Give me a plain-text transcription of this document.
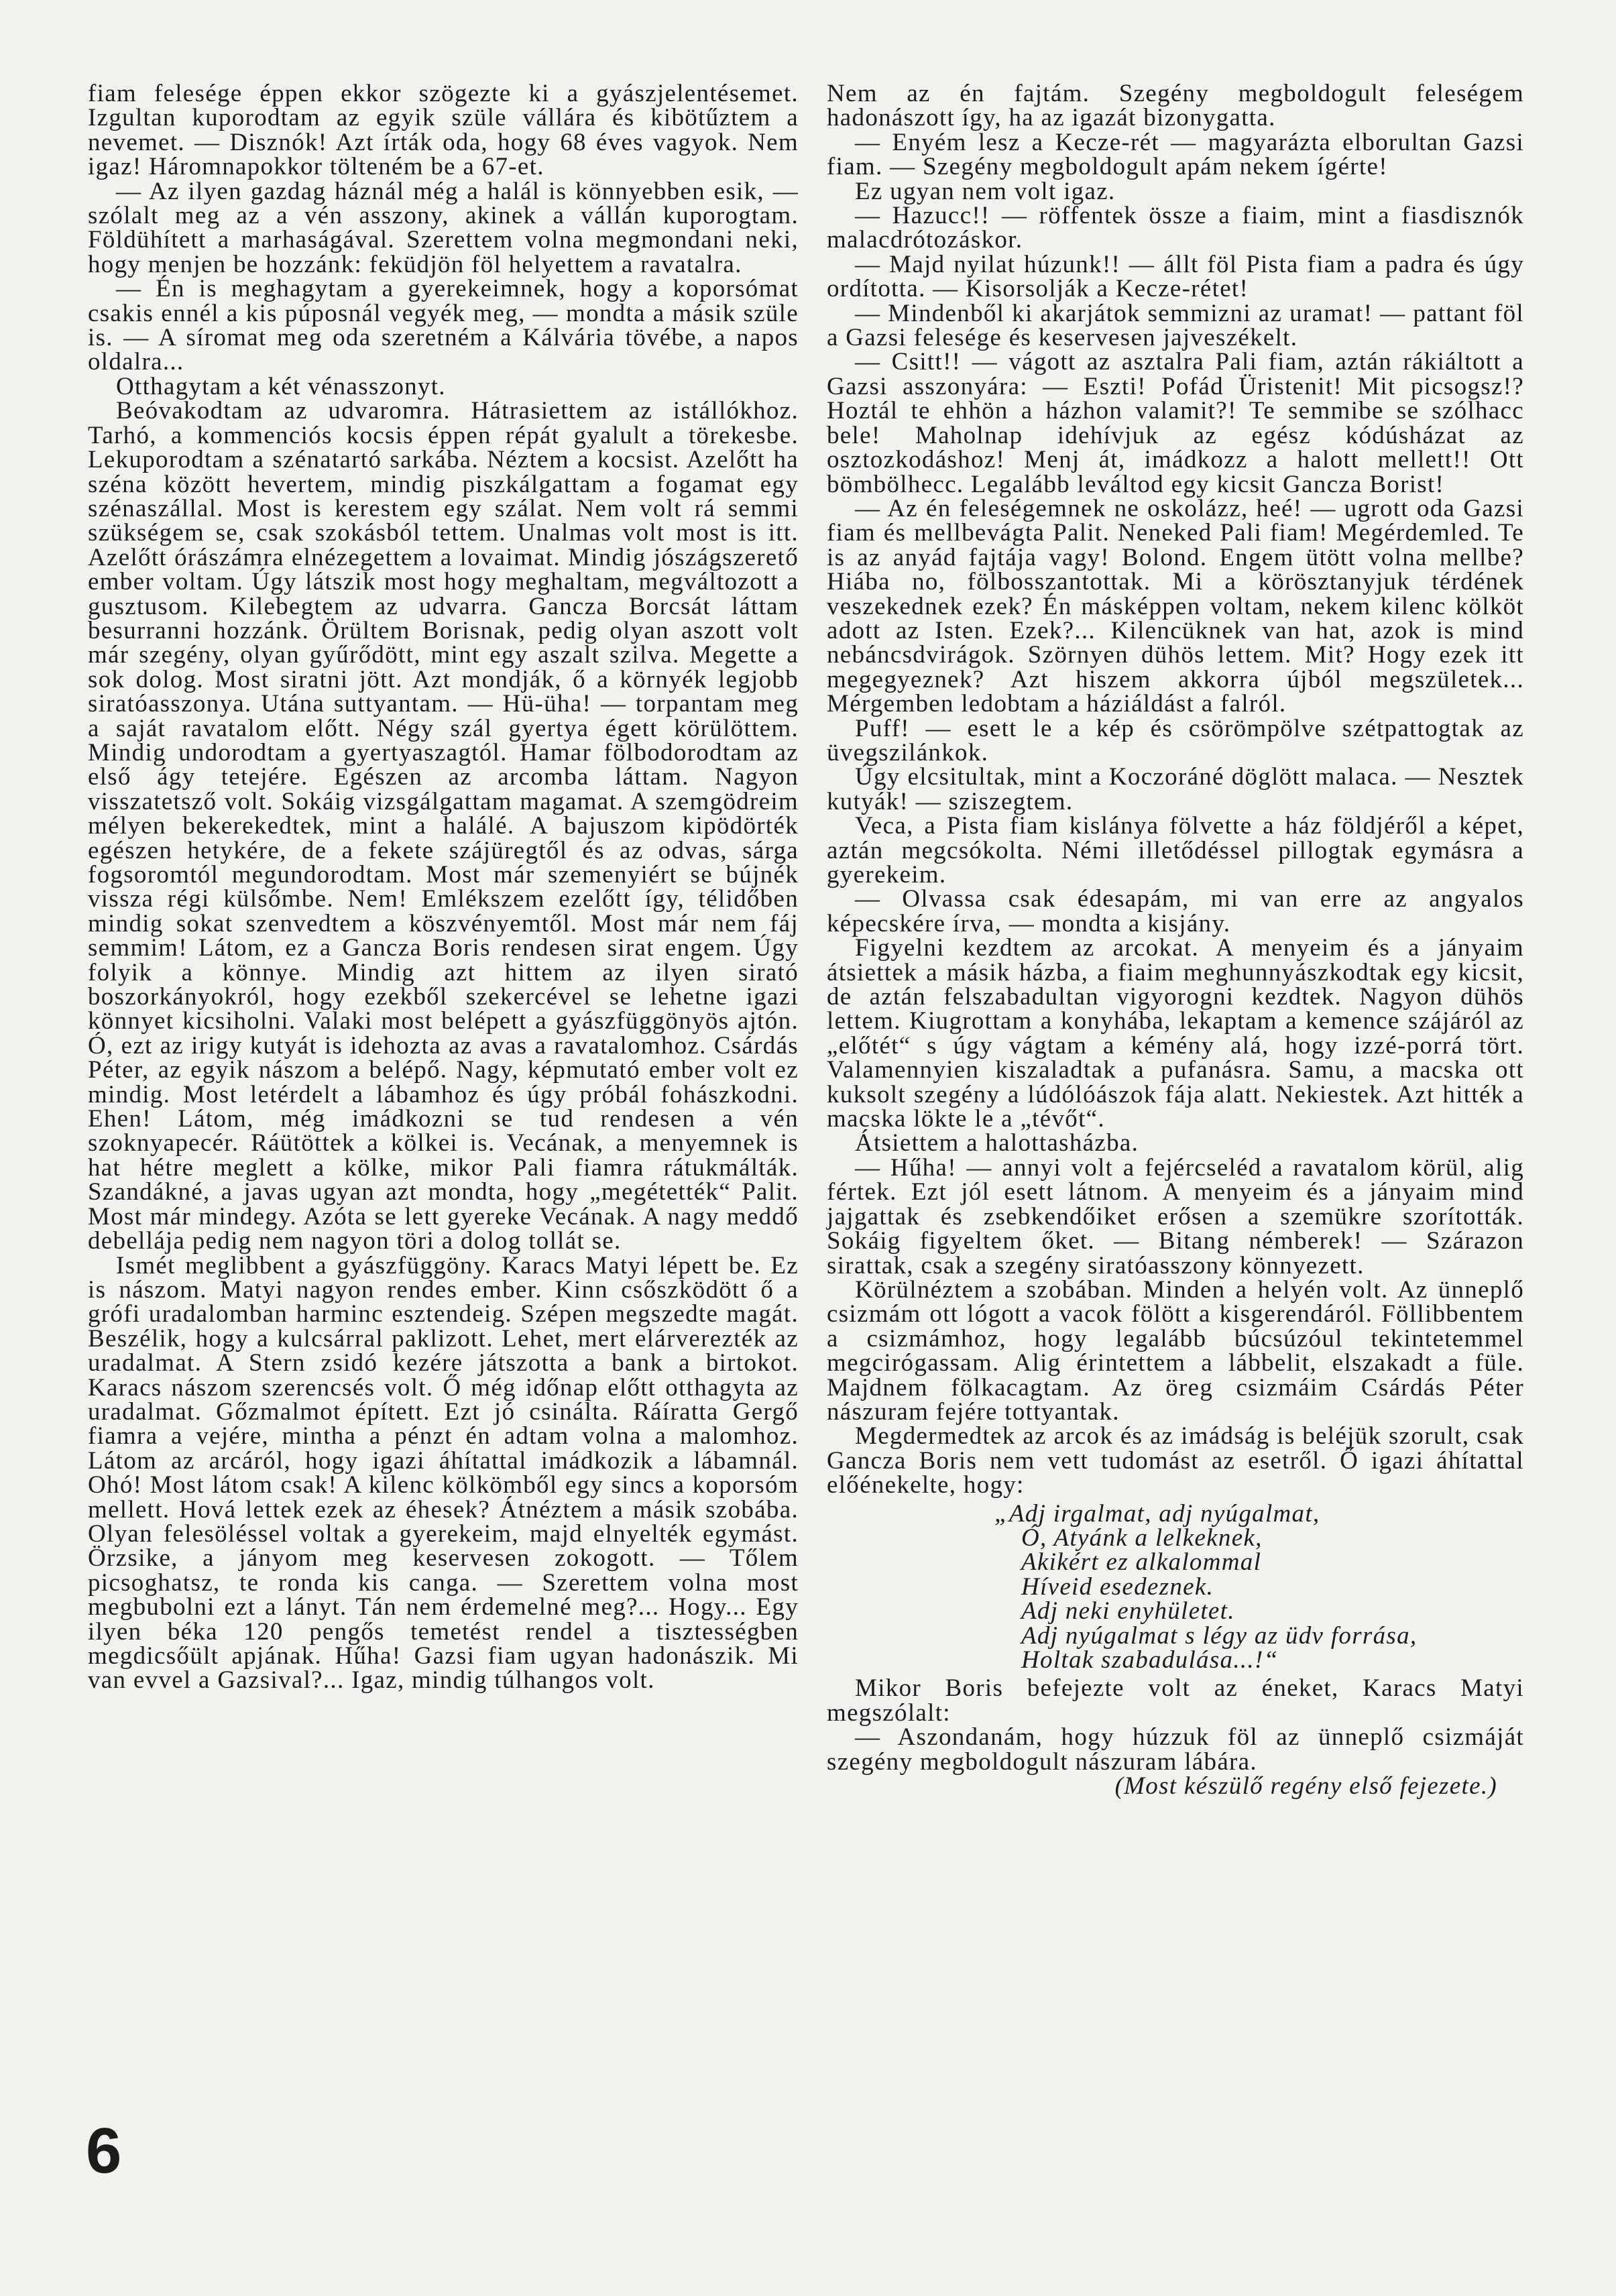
fiam felesége éppen ekkor szögezte ki a gyászjelentésemet. Izgultan kuporodtam az egyik szüle vállára és kibötűztem a nevemet. — Disznók! Azt írták oda, hogy 68 éves vagyok. Nem igaz! Háromnapokkor tölteném be a 67-et.

— Az ilyen gazdag háznál még a halál is könnyebben esik, — szólalt meg az a vén asszony, akinek a vállán kuporogtam. Földühített a marhaságával. Szerettem volna megmondani neki, hogy menjen be hozzánk: feküdjön föl helyettem a ravatalra.

— Én is meghagytam a gyerekeimnek, hogy a koporsómat csakis ennél a kis púposnál vegyék meg, — mondta a másik szüle is. — A síromat meg oda szeretném a Kálvária tövébe, a napos oldalra...

Otthagytam a két vénasszonyt.

Beóvakodtam az udvaromra. Hátrasiettem az istállókhoz. Tarhó, a kommenciós kocsis éppen répát gyalult a törekesbe. Lekuporodtam a szénatartó sarkába. Néztem a kocsist. Azelőtt ha széna között hevertem, mindig piszkálgattam a fogamat egy szénaszállal. Most is kerestem egy szálat. Nem volt rá semmi szükségem se, csak szokásból tettem. Unalmas volt most is itt. Azelőtt órászámra elnézegettem a lovaimat. Mindig jószágszerető ember voltam. Úgy látszik most hogy meghaltam, megváltozott a gusztusom. Kilebegtem az udvarra. Gancza Borcsát láttam besurranni hozzánk. Örültem Borisnak, pedig olyan aszott volt már szegény, olyan gyűrődött, mint egy aszalt szilva. Megette a sok dolog. Most siratni jött. Azt mondják, ő a környék legjobb siratóasszonya. Utána suttyantam. — Hü-üha! — torpantam meg a saját ravatalom előtt. Négy szál gyertya égett körülöttem. Mindig undorodtam a gyertyaszagtól. Hamar fölbodorodtam az első ágy tetejére. Egészen az arcomba láttam. Nagyon visszatetsző volt. Sokáig vizsgálgattam magamat. A szemgödreim mélyen bekerekedtek, mint a halálé. A bajuszom kipödörték egészen hetykére, de a fekete szájüregtől és az odvas, sárga fogsoromtól megundorodtam. Most már szemenyiért se bújnék vissza régi külsőmbe. Nem! Emlékszem ezelőtt így, télidőben mindig sokat szenvedtem a köszvényemtől. Most már nem fáj semmim! Látom, ez a Gancza Boris rendesen sirat engem. Úgy folyik a könnye. Mindig azt hittem az ilyen sirató boszorkányokról, hogy ezekből szekercével se lehetne igazi könnyet kicsiholni. Valaki most belépett a gyászfüggönyös ajtón. Ó, ezt az irigy kutyát is idehozta az avas a ravatalomhoz. Csárdás Péter, az egyik nászom a belépő. Nagy, képmutató ember volt ez mindig. Most letérdelt a lábamhoz és úgy próbál fohászkodni. Ehen! Látom, még imádkozni se tud rendesen a vén szoknyapecér. Ráütöttek a kölkei is. Vecának, a menyemnek is hat hétre meglett a kölke, mikor Pali fiamra rátukmálták. Szandákné, a javas ugyan azt mondta, hogy „megétették“ Palit. Most már mindegy. Azóta se lett gyereke Vecának. A nagy meddő debellája pedig nem nagyon töri a dolog tollát se.

Ismét meglibbent a gyászfüggöny. Karacs Matyi lépett be. Ez is nászom. Matyi nagyon rendes ember. Kinn csőszködött ő a grófi uradalomban harminc esztendeig. Szépen megszedte magát. Beszélik, hogy a kulcsárral paklizott. Lehet, mert elárverezték az uradalmat. A Stern zsidó kezére játszotta a bank a birtokot. Karacs nászom szerencsés volt. Ő még időnap előtt otthagyta az uradalmat. Gőzmalmot épített. Ezt jó csinálta. Ráíratta Gergő fiamra a vejére, mintha a pénzt én adtam volna a malomhoz. Látom az arcáról, hogy igazi áhítattal imádkozik a lábamnál. Ohó! Most látom csak! A kilenc kölkömből egy sincs a koporsóm mellett. Hová lettek ezek az éhesek? Átnéztem a másik szobába. Olyan felesöléssel voltak a gyerekeim, majd elnyelték egymást. Örzsike, a jányom meg keservesen zokogott. — Tőlem picsoghatsz, te ronda kis canga. — Szerettem volna most megbubolni ezt a lányt. Tán nem érdemelné meg?... Hogy... Egy ilyen béka 120 pengős temetést rendel a tisztességben megdicsőült apjának. Hűha! Gazsi fiam ugyan hadonászik. Mi van evvel a Gazsival?... Igaz, mindig túlhangos volt.

Nem az én fajtám. Szegény megboldogult feleségem hadonászott így, ha az igazát bizonygatta.

— Enyém lesz a Kecze-rét — magyarázta elborultan Gazsi fiam. — Szegény megboldogult apám nekem ígérte!

Ez ugyan nem volt igaz.

— Hazucc!! — röffentek össze a fiaim, mint a fiasdisznók malacdrótozáskor.

— Majd nyilat húzunk!! — állt föl Pista fiam a padra és úgy ordította. — Kisorsolják a Kecze-rétet!

— Mindenből ki akarjátok semmizni az uramat! — pattant föl a Gazsi felesége és keservesen jajveszékelt.

— Csitt!! — vágott az asztalra Pali fiam, aztán rákiáltott a Gazsi asszonyára: — Eszti! Pofád Üristenit! Mit picsogsz!? Hoztál te ehhön a házhon valamit?! Te semmibe se szólhacc bele! Maholnap idehívjuk az egész kódúsházat az osztozkodáshoz! Menj át, imádkozz a halott mellett!! Ott bömbölhecc. Legalább leváltod egy kicsit Gancza Borist!

— Az én feleségemnek ne oskolázz, heé! — ugrott oda Gazsi fiam és mellbevágta Palit. Neneked Pali fiam! Megérdemled. Te is az anyád fajtája vagy! Bolond. Engem ütött volna mellbe? Hiába no, fölbosszantottak. Mi a körösztanyjuk térdének veszekednek ezek? Én másképpen voltam, nekem kilenc kölköt adott az Isten. Ezek?... Kilencüknek van hat, azok is mind nebáncsdvirágok. Szörnyen dühös lettem. Mit? Hogy ezek itt megegyeznek? Azt hiszem akkorra újból megszületek... Mérgemben ledobtam a háziáldást a falról.

Puff! — esett le a kép és csörömpölve szétpattogtak az üvegszilánkok.

Úgy elcsitultak, mint a Koczoráné döglött malaca. — Nesztek kutyák! — sziszegtem.

Veca, a Pista fiam kislánya fölvette a ház földjéről a képet, aztán megcsókolta. Némi illetődéssel pillogtak egymásra a gyerekeim.

— Olvassa csak édesapám, mi van erre az angyalos képecskére írva, — mondta a kisjány.

Figyelni kezdtem az arcokat. A menyeim és a jányaim átsiettek a másik házba, a fiaim meghunnyászkodtak egy kicsit, de aztán felszabadultan vigyorogni kezdtek. Nagyon dühös lettem. Kiugrottam a konyhába, lekaptam a kemence szájáról az „előtét“ s úgy vágtam a kémény alá, hogy izzé-porrá tört. Valamennyien kiszaladtak a pufanásra. Samu, a macska ott kuksolt szegény a lúdólóászok fája alatt. Nekiestek. Azt hitték a macska lökte le a „tévőt“.

Átsiettem a halottasházba.

— Hűha! — annyi volt a fejércseléd a ravatalom körül, alig fértek. Ezt jól esett látnom. A menyeim és a jányaim mind jajgattak és zsebkendőiket erősen a szemükre szorították. Sokáig figyeltem őket. — Bitang némberek! — Szárazon sirattak, csak a szegény siratóasszony könnyezett.

Körülnéztem a szobában. Minden a helyén volt. Az ünneplő csizmám ott lógott a vacok fölött a kisgerendáról. Föllibbentem a csizmámhoz, hogy legalább búcsúzóul tekintetemmel megcirógassam. Alig érintettem a lábbelit, elszakadt a füle. Majdnem fölkacagtam. Az öreg csizmáim Csárdás Péter nászuram fejére tottyantak.

Megdermedtek az arcok és az imádság is beléjük szorult, csak Gancza Boris nem vett tudomást az esetről. Ő igazi áhítattal előénekelte, hogy:

„Adj irgalmat, adj nyúgalmat,
Ó, Atyánk a lelkeknek,
Akikért ez alkalommal
Híveid esedeznek.
Adj neki enyhületet.
Adj nyúgalmat s légy az üdv forrása,
Holtak szabadulása...!“

Mikor Boris befejezte volt az éneket, Karacs Matyi megszólalt:

— Aszondanám, hogy húzzuk föl az ünneplő csizmáját szegény megboldogult nászuram lábára.

(Most készülő regény első fejezete.)
6
